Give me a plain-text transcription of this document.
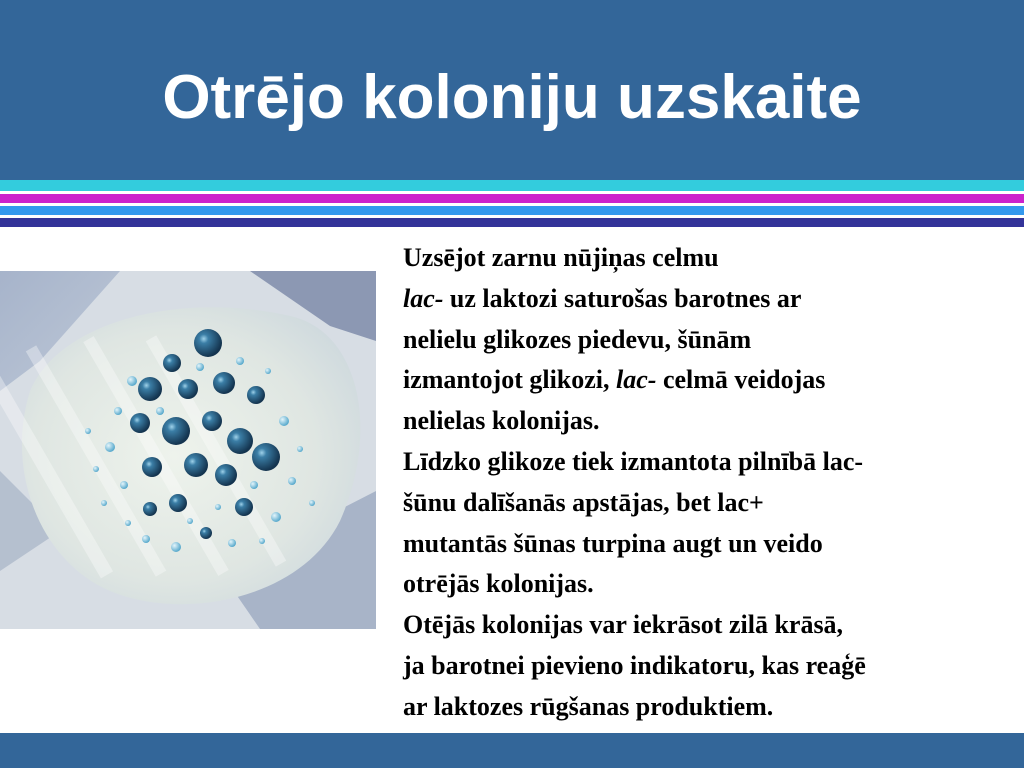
Otrējo koloniju uzskaite

Uzsējot zarnu nūjiņas celmu

lac- uz laktozi saturošas barotnes ar

nelielu glikozes piedevu, šūnām

izmantojot glikozi, lac- celmā veidojas

nelielas kolonijas.

Līdzko glikoze tiek izmantota pilnībā lac-

šūnu dalīšanās apstājas, bet lac+

mutantās šūnas turpina augt un veido

otrējās kolonijas.

Otējās kolonijas var iekrāsot zilā krāsā,

ja barotnei pievieno indikatoru, kas reaģē

ar laktozes rūgšanas produktiem.
